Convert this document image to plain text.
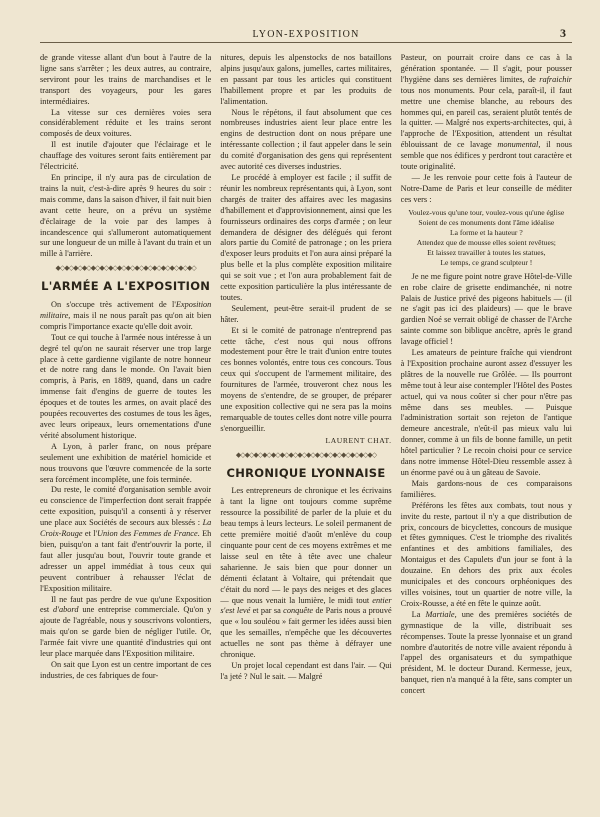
LYON-EXPOSITION	3

de grande vitesse allant d'un bout à l'autre de la ligne sans s'arrêter ; les deux autres, au contraire, serviront pour les trains de marchandises et le transport des voyageurs, pour les gares intermédiaires.

La vitesse sur ces dernières voies sera considérablement réduite et les trains seront composés de deux voitures.

Il est inutile d'ajouter que l'éclairage et le chauffage des voitures seront faits entièrement par l'électricité.

En principe, il n'y aura pas de circulation de trains la nuit, c'est-à-dire après 9 heures du soir : mais comme, dans la saison d'hiver, il fait nuit bien avant cette heure, on a prévu un système d'éclairage de la voie par des lampes à incandescence qui s'allumeront automatiquement sur une longueur de un mille à l'avant du train et un mille à l'arrière.

◆◇◆◇◆◇◆◇◆◇◆◇◆◇◆◇◆◇◆◇◆◇◆◇◆◇◆◇◆◇◆◇
L'ARMÉE A L'EXPOSITION

On s'occupe très activement de l'Exposition militaire, mais il ne nous paraît pas qu'on ait bien compris l'importance exacte qu'elle doit avoir.

Tout ce qui touche à l'armée nous intéresse à un degré tel qu'on ne saurait réserver une trop large place à cette gardienne vigilante de notre honneur et de notre rang dans le monde. On l'avait bien compris, à Paris, en 1889, quand, dans un cadre immense fait d'engins de guerre de toutes les époques et de toutes les armes, on avait placé des poupées recouvertes des costumes de tous les âges, avec leurs oripeaux, leurs ornementations d'une vérité absolument historique.

A Lyon, à parler franc, on nous prépare seulement une exhibition de matériel homicide et nous trouvons que l'œuvre commencée de la sorte sera forcément incomplète, une fois terminée.

Du reste, le comité d'organisation semble avoir eu conscience de l'imperfection dont serait frappée cette exposition, puisqu'il a consenti à y réserver une place aux Sociétés de secours aux blessés : La Croix-Rouge et l'Union des Femmes de France. Eh bien, puisqu'on a tant fait d'entr'ouvrir la porte, il faut aller jusqu'au bout, l'ouvrir toute grande et adresser un appel immédiat à tous ceux qui peuvent contribuer à rehausser l'éclat de l'Exposition militaire.

Il ne faut pas perdre de vue qu'une Exposition est d'abord une entreprise commerciale. Qu'on y ajoute de l'agréable, nous y souscrivons volontiers, mais qu'on se garde bien de négliger l'utile. Or, l'armée fait vivre une quantité d'industries qui ont leur place marquée dans l'Exposition militaire.

On sait que Lyon est un centre important de ces industries, de ces fabriques de four-

nitures, depuis les alpenstocks de nos bataillons alpins jusqu'aux galons, jumelles, cartes militaires, en passant par tous les articles qui constituent l'habillement propre et par les produits de l'alimentation.

Nous le répétons, il faut absolument que ces nombreuses industries aient leur place entre les engins de destruction dont on nous prépare une intéressante collection ; il faut appeler dans le sein du comité d'organisation des gens qui représentent avec autorité ces diverses industries.

Le procédé à employer est facile ; il suffit de réunir les nombreux représentants qui, à Lyon, sont chargés de traiter des affaires avec les magasins d'habillement et d'approvisionnement, ainsi que les fournisseurs ordinaires des corps d'armée ; on leur demandera de désigner des délégués qui feront alors partie du Comité de patronage ; on les priera d'exposer leurs produits et l'on aura ainsi préparé la plus belle et la plus complète exposition militaire qui se soit vue ; et l'on aura probablement fait de cette exposition particulière la plus intéressante de toutes.

Seulement, peut-être serait-il prudent de se hâter.

Et si le comité de patronage n'entreprend pas cette tâche, c'est nous qui nous offrons modestement pour être le trait d'union entre toutes ces bonnes volontés, entre tous ces concours. Tous ceux qui s'occupent de l'armement militaire, des fournitures de l'armée, trouveront chez nous les moyens de s'entendre, de se grouper, de préparer une exposition collective qui ne sera pas la moins remarquable de toutes celles dont notre ville pourra s'enorgueillir.

LAURENT CHAT.
◆◇◆◇◆◇◆◇◆◇◆◇◆◇◆◇◆◇◆◇◆◇◆◇◆◇◆◇◆◇◆◇
CHRONIQUE LYONNAISE

Les entrepreneurs de chronique et les écrivains à tant la ligne ont toujours comme suprême ressource la possibilité de parler de la pluie et du beau temps à leurs lecteurs. Le soleil permanent de cette première moitié d'août m'enlève du coup cinquante pour cent de ces moyens extrêmes et me laisse seul en tête à tête avec une chaleur saharienne. Je sais bien que pour donner un démenti éclatant à Voltaire, qui prétendait que c'était du nord — le pays des neiges et des glaces — que nous venait la lumière, le midi tout entier s'est levé et par sa conquête de Paris nous a prouvé que « lou souléou » fait germer les idées aussi bien que les semailles, n'empêche que les découvertes actuelles ne sont pas thème à défrayer une chronique.

Un projet local cependant est dans l'air. — Qui l'a jeté ? Nul le sait. — Malgré

Pasteur, on pourrait croire dans ce cas à la génération spontanée. — Il s'agit, pour pousser l'hygiène dans ses dernières limites, de rafraichir tous nos monuments. Pour cela, paraît-il, il faut mettre une chemise blanche, au rebours des hommes qui, en pareil cas, seraient plutôt tentés de la quitter. — Malgré nos experts-architectes, qui, à l'approche de l'Exposition, attendent un résultat éblouissant de ce lavage monumental, il nous semble que nos édifices y perdront tout caractère et toute originalité.

— Je les renvoie pour cette fois à l'auteur de Notre-Dame de Paris et leur conseille de méditer ces vers :

Voulez-vous qu'une tour, voulez-vous qu'une église
Soient de ces monuments dont l'âme idéalise
La forme et la hauteur ?
Attendez que de mousse elles soient revêtues;
Et laissez travailler à toutes les statues,
Le temps, ce grand sculpteur !

Je ne me figure point notre grave Hôtel-de-Ville en robe claire de grisette endimanchée, ni notre Palais de Justice privé des pigeons habituels — (il ne s'agit pas ici des plaideurs) — que le brave gardien Noé se verrait obligé de chasser de l'Arche sainte comme son biblique ancêtre, après le grand lavage officiel !

Les amateurs de peinture fraîche qui viendront à l'Exposition prochaine auront assez d'essuyer les plâtres de la nouvelle rue Grôlée. — Ils pourront même tout à leur aise contempler l'Hôtel des Postes actuel, qui va nous coûter si cher pour n'être pas même dans ses meubles. — Puisque l'administration sortait son rejeton de l'antique demeure ancestrale, n'eût-il pas mieux valu lui donner, comme à un fils de bonne famille, un petit hôtel particulier ? Le recoin choisi pour ce service dans notre immense Hôtel-Dieu ressemble assez à un énorme pavé ou à un gâteau de Savoie.

Mais gardons-nous de ces comparaisons familières.

Préférons les fêtes aux combats, tout nous y invite du reste, partout il n'y a que distribution de prix, concours de bicyclettes, concours de musique et fêtes gymniques. C'est le triomphe des rivalités enfantines et des ambitions familiales, des Montaigus et des Capulets d'un jour se font à la douzaine. En dehors des prix aux écoles municipales et des concours orphéoniques des villes voisines, tout un quartier de notre ville, la Croix-Rousse, a été en fête le quinze août.

La Martiale, une des premières sociétés de gymnastique de la ville, distribuait ses récompenses. Toute la presse lyonnaise et un grand nombre d'autorités de notre ville avaient répondu à l'appel des organisateurs et du sympathique président, M. le docteur Durand. Kermesse, jeux, banquet, rien n'a manqué à la fête, sans compter un concert
